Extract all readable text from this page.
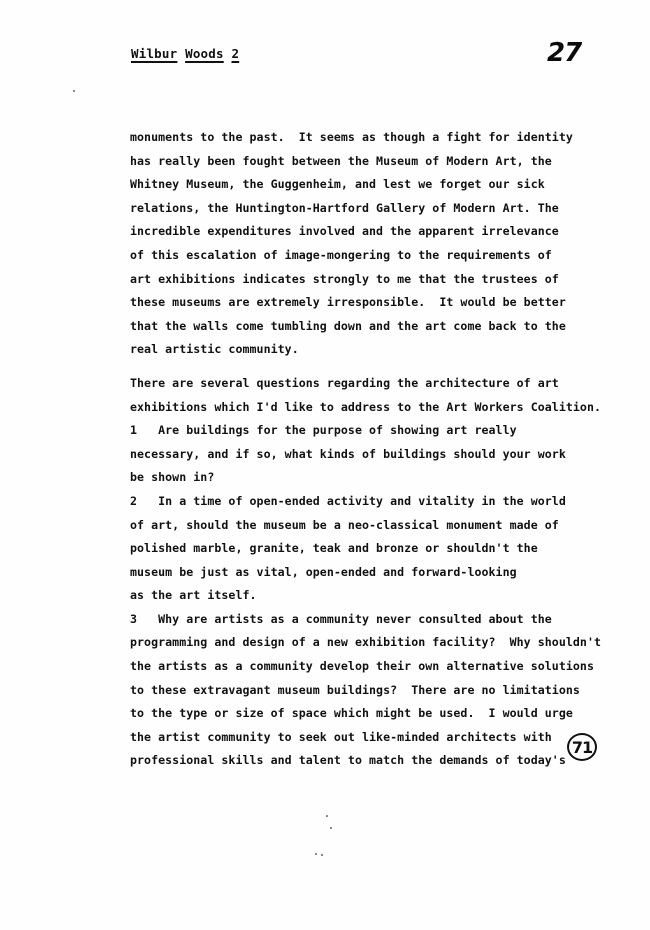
Wilbur Woods 2	27
monuments to the past.  It seems as though a fight for identity
has really been fought between the Museum of Modern Art, the
Whitney Museum, the Guggenheim, and lest we forget our sick
relations, the Huntington-Hartford Gallery of Modern Art. The
incredible expenditures involved and the apparent irrelevance
of this escalation of image-mongering to the requirements of
art exhibitions indicates strongly to me that the trustees of
these museums are extremely irresponsible.  It would be better
that the walls come tumbling down and the art come back to the
real artistic community.
There are several questions regarding the architecture of art
exhibitions which I'd like to address to the Art Workers Coalition.
1   Are buildings for the purpose of showing art really
necessary, and if so, what kinds of buildings should your work
be shown in?
2   In a time of open-ended activity and vitality in the world
of art, should the museum be a neo-classical monument made of
polished marble, granite, teak and bronze or shouldn't the
museum be just as vital, open-ended and forward-looking
as the art itself.
3   Why are artists as a community never consulted about the
programming and design of a new exhibition facility?  Why shouldn't
the artists as a community develop their own alternative solutions
to these extravagant museum buildings?  There are no limitations
to the type or size of space which might be used.  I would urge
the artist community to seek out like-minded architects with
professional skills and talent to match the demands of today's
71
